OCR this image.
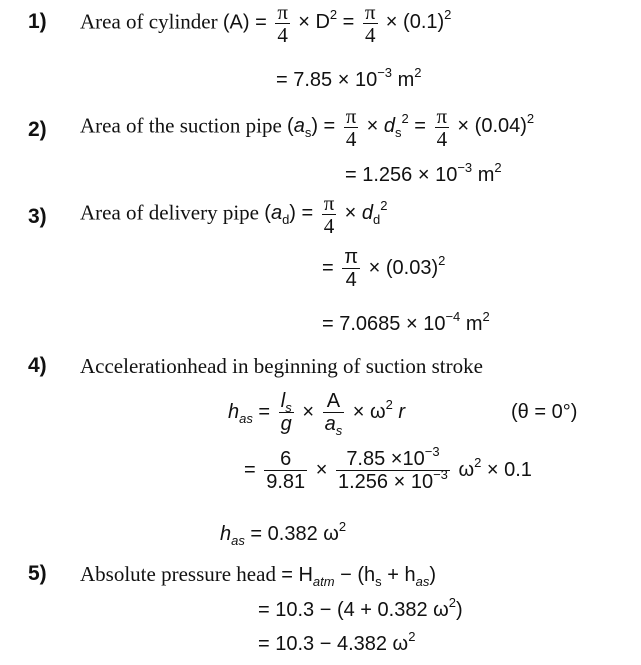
1) Area of cylinder $(A) = \frac{\pi}{4} \times D^2 = \frac{\pi}{4} \times (0.1)^2$
= $7.85 \times 10^{-3}$ $m^2$
2) Area of the suction pipe $(a_s) = \frac{\pi}{4} \times d_s^2 = \frac{\pi}{4} \times (0.04)^2$
= $1.256 \times 10^{-3}$ $m^2$
3) Area of delivery pipe $(a_d) = \frac{\pi}{4} \times d_d^2$
= $\frac{\pi}{4} \times (0.03)^2$
= $7.0685 \times 10^{-4}$ $m^2$
4) Accelerationhead in beginning of suction stroke
$h_{as} = \frac{l_s}{g} \times \frac{A}{a_s} \times \omega^2$ r	(θ = 0°)
= $\frac{6}{9.81} \times \frac{7.85 \times 10^{-3}}{1.256 \times 10^{-3}} \omega^2 \times 0.1$
$h_{as} = 0.382$ $\omega^2$
5) Absolute pressure head = $H_{atm} - (h_s + h_{as})$
= 10.3 − (4 + 0.382 $\omega^2$)
= 10.3 − 4.382 $\omega^2$
